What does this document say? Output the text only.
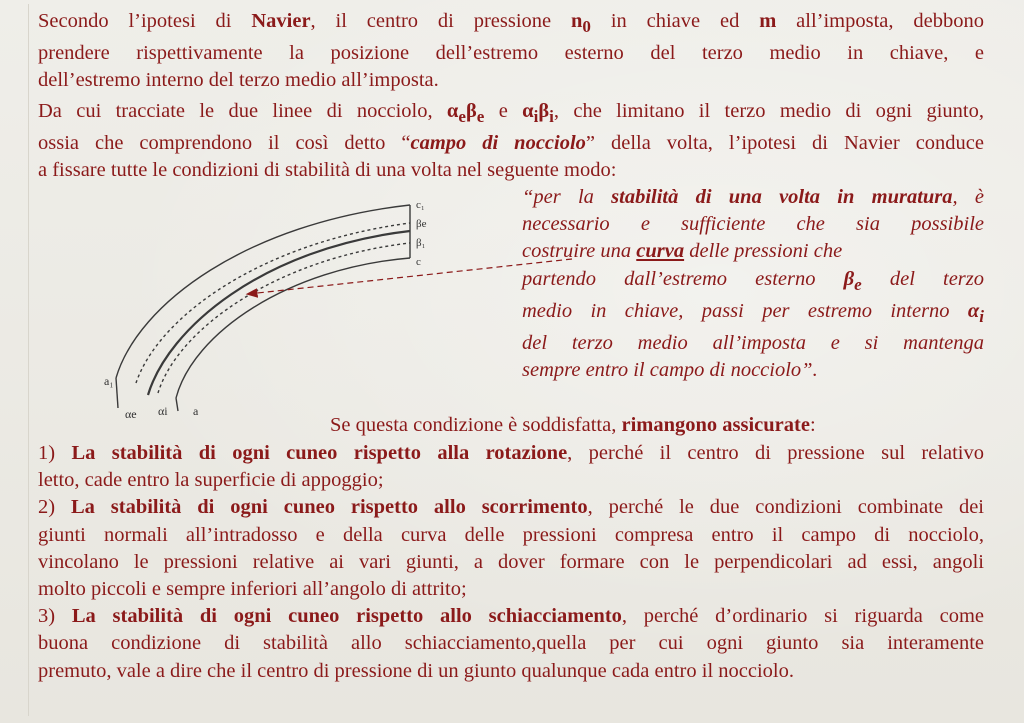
Secondo l’ipotesi di Navier, il centro di pressione $n_0$ in chiave ed m all’imposta, debbono
prendere rispettivamente la posizione dell’estremo esterno del terzo medio in chiave, e
dell’estremo interno del terzo medio all’imposta.
Da cui tracciate le due linee di nocciolo, $\alpha_e\beta_e$ e $\alpha_i\beta_i$, che limitano il terzo medio di ogni giunto,
ossia che comprendono il così detto “campo di nocciolo” della volta, l’ipotesi di Navier conduce
a fissare tutte le condizioni di stabilità di una volta nel seguente modo:
c₁
βe
β₁
c
a₁
αe αi a
“per la stabilità di una volta in muratura, è
necessario e sufficiente che sia possibile
costruire una curva delle pressioni che
partendo dall’estremo esterno $\beta_e$ del terzo
medio in chiave, passi per estremo interno $\alpha_i$
del terzo medio all’imposta e si mantenga
sempre entro il campo di nocciolo”.
Se questa condizione è soddisfatta, rimangono assicurate:
1) La stabilità di ogni cuneo rispetto alla rotazione, perché il centro di pressione sul relativo
letto, cade entro la superficie di appoggio;
2) La stabilità di ogni cuneo rispetto allo scorrimento, perché le due condizioni combinate dei
giunti normali all’intradosso e della curva delle pressioni compresa entro il campo di nocciolo,
vincolano le pressioni relative ai vari giunti, a dover formare con le perpendicolari ad essi, angoli
molto piccoli e sempre inferiori all’angolo di attrito;
3) La stabilità di ogni cuneo rispetto allo schiacciamento, perché d’ordinario si riguarda come
buona condizione di stabilità allo schiacciamento,quella per cui ogni giunto sia interamente
premuto, vale a dire che il centro di pressione di un giunto qualunque cada entro il nocciolo.
